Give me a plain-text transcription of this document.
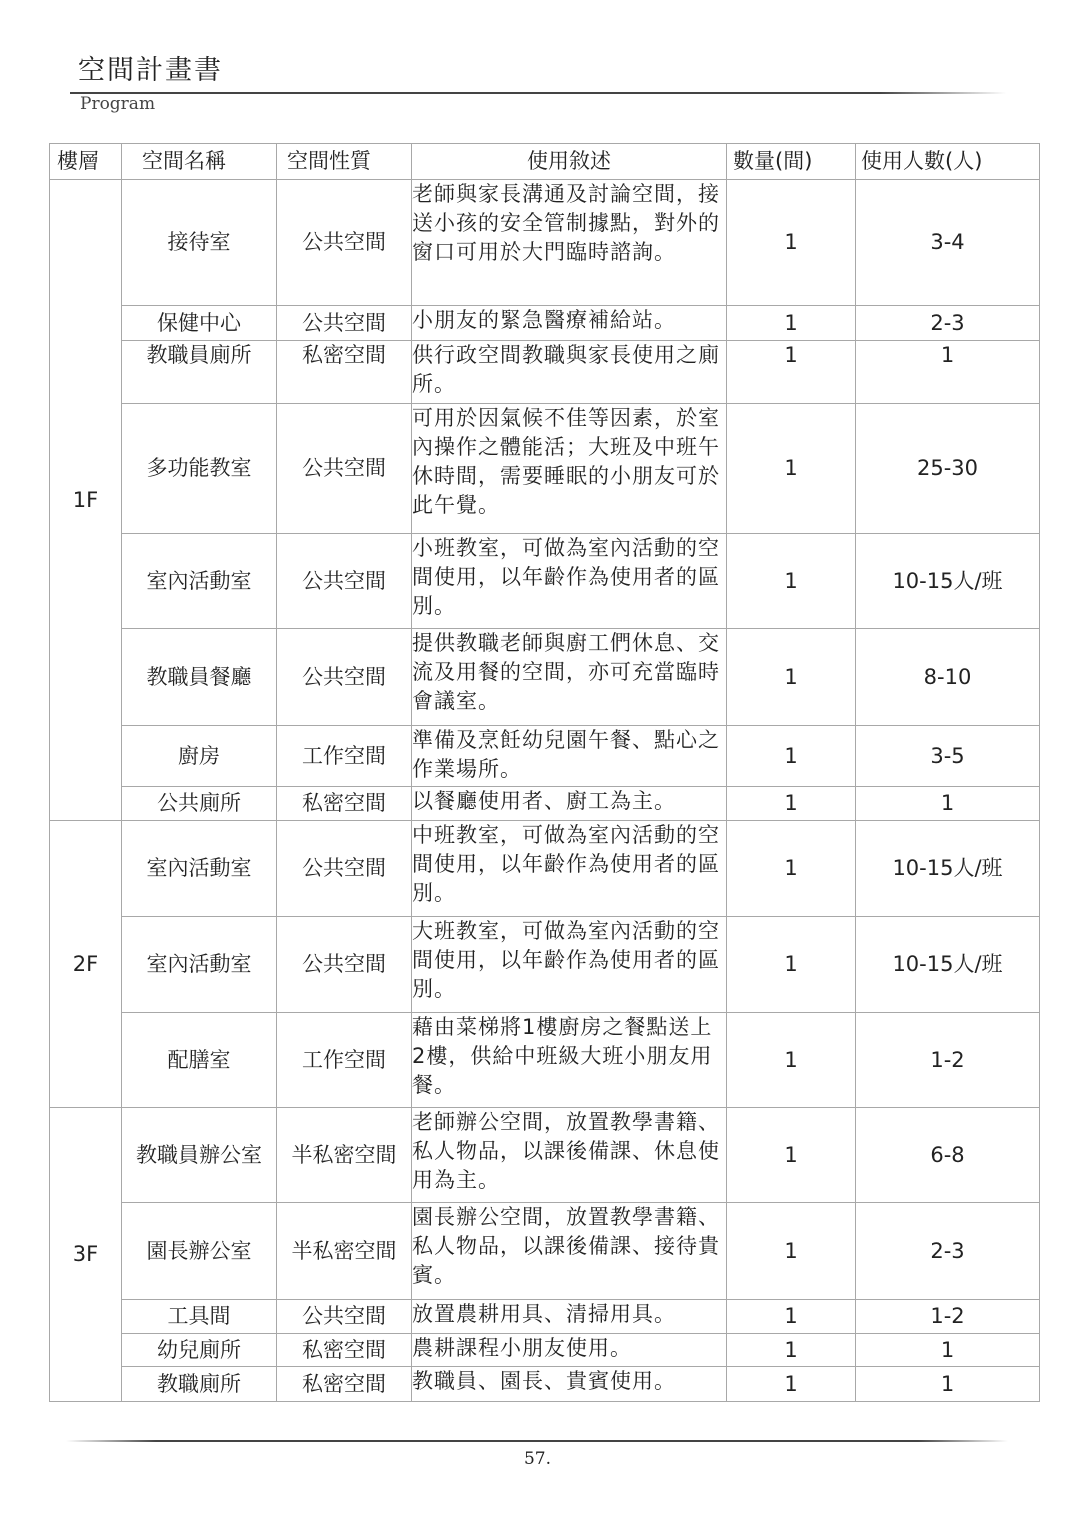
空間計畫書
Program
樓層	空間名稱	空間性質	使用敘述	數量(間)	使用人數(人)
1F	接待室	公共空間	老師與家長溝通及討論空間，接送小孩的安全管制據點，對外的窗口可用於大門臨時諮詢。	1	3-4
	保健中心	公共空間	小朋友的緊急醫療補給站。	1	2-3
	教職員廁所	私密空間	供行政空間教職與家長使用之廁所。	1	1
	多功能教室	公共空間	可用於因氣候不佳等因素，於室內操作之體能活；大班及中班午休時間，需要睡眠的小朋友可於此午覺。	1	25-30
	室內活動室	公共空間	小班教室，可做為室內活動的空間使用，以年齡作為使用者的區別。	1	10-15人/班
	教職員餐廳	公共空間	提供教職老師與廚工們休息、交流及用餐的空間，亦可充當臨時會議室。	1	8-10
	廚房	工作空間	準備及烹飪幼兒園午餐、點心之作業場所。	1	3-5
	公共廁所	私密空間	以餐廳使用者、廚工為主。	1	1
2F	室內活動室	公共空間	中班教室，可做為室內活動的空間使用，以年齡作為使用者的區別。	1	10-15人/班
	室內活動室	公共空間	大班教室，可做為室內活動的空間使用，以年齡作為使用者的區別。	1	10-15人/班
	配膳室	工作空間	藉由菜梯將1樓廚房之餐點送上2樓，供給中班級大班小朋友用餐。	1	1-2
3F	教職員辦公室	半私密空間	老師辦公空間，放置教學書籍、私人物品，以課後備課、休息使用為主。	1	6-8
	園長辦公室	半私密空間	園長辦公空間，放置教學書籍、私人物品，以課後備課、接待貴賓。	1	2-3
	工具間	公共空間	放置農耕用具、清掃用具。	1	1-2
	幼兒廁所	私密空間	農耕課程小朋友使用。	1	1
	教職廁所	私密空間	教職員、園長、貴賓使用。	1	1
57.
